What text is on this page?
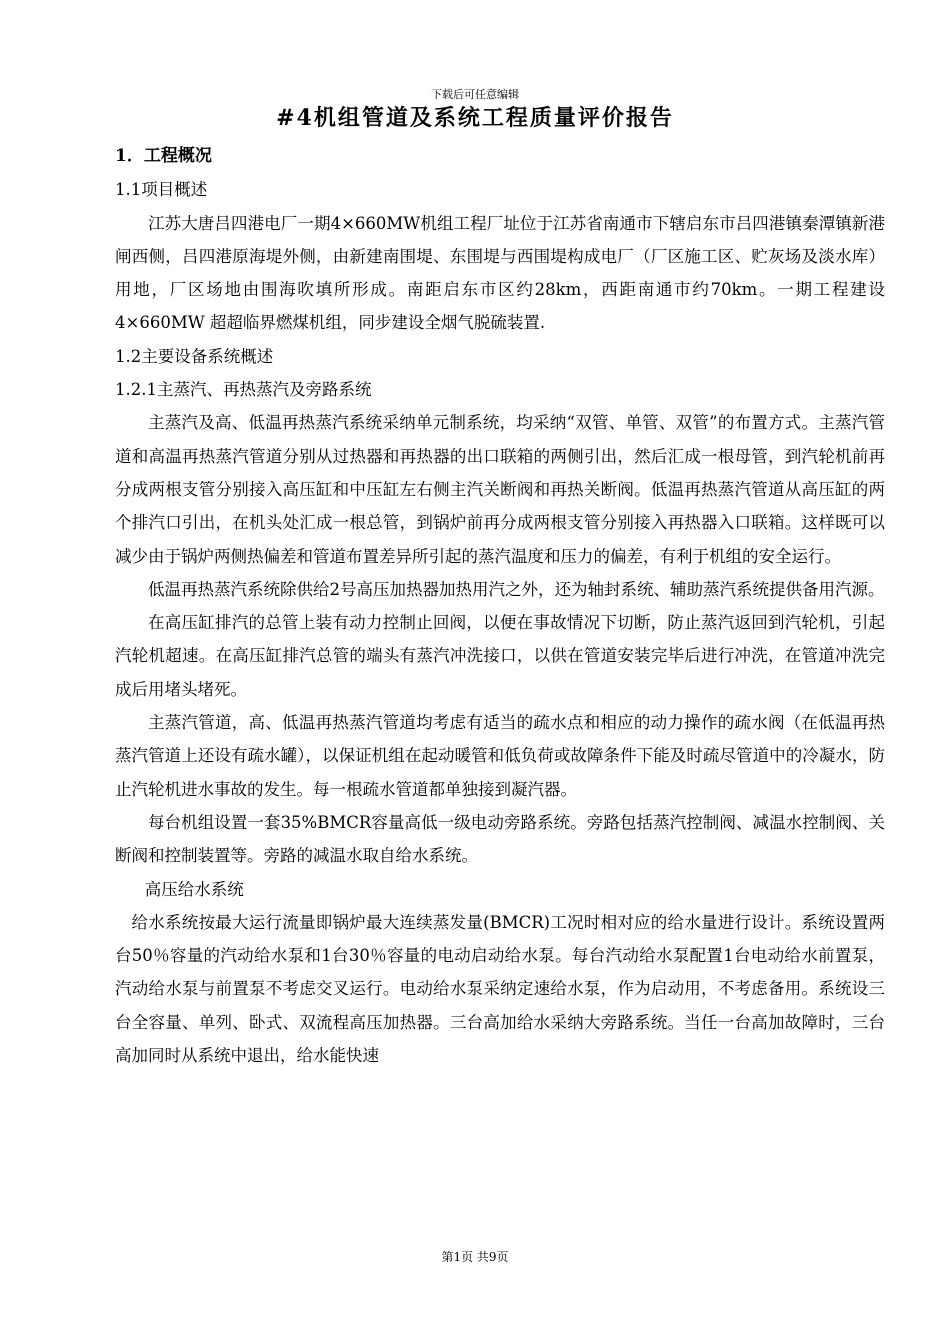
下载后可任意编辑
#4机组管道及系统工程质量评价报告

1．工程概况

1.1项目概述

江苏大唐吕四港电厂一期4×660MW机组工程厂址位于江苏省南通市下辖启东市吕四港镇秦潭镇新港闸西侧，吕四港原海堤外侧，由新建南围堤、东围堤与西围堤构成电厂（厂区施工区、贮灰场及淡水库）用地，厂区场地由围海吹填所形成。南距启东市区约28km，西距南通市约70km。一期工程建设4×660MW 超超临界燃煤机组，同步建设全烟气脱硫装置.

1.2主要设备系统概述

1.2.1主蒸汽、再热蒸汽及旁路系统

主蒸汽及高、低温再热蒸汽系统采纳单元制系统，均采纳“双管、单管、双管”的布置方式。主蒸汽管道和高温再热蒸汽管道分别从过热器和再热器的出口联箱的两侧引出，然后汇成一根母管，到汽轮机前再分成两根支管分别接入高压缸和中压缸左右侧主汽关断阀和再热关断阀。低温再热蒸汽管道从高压缸的两个排汽口引出，在机头处汇成一根总管，到锅炉前再分成两根支管分别接入再热器入口联箱。这样既可以减少由于锅炉两侧热偏差和管道布置差异所引起的蒸汽温度和压力的偏差，有利于机组的安全运行。

低温再热蒸汽系统除供给2号高压加热器加热用汽之外，还为轴封系统、辅助蒸汽系统提供备用汽源。

在高压缸排汽的总管上装有动力控制止回阀，以便在事故情况下切断，防止蒸汽返回到汽轮机，引起汽轮机超速。在高压缸排汽总管的端头有蒸汽冲洗接口，以供在管道安装完毕后进行冲洗，在管道冲洗完成后用堵头堵死。

主蒸汽管道，高、低温再热蒸汽管道均考虑有适当的疏水点和相应的动力操作的疏水阀（在低温再热蒸汽管道上还设有疏水罐），以保证机组在起动暖管和低负荷或故障条件下能及时疏尽管道中的冷凝水，防止汽轮机进水事故的发生。每一根疏水管道都单独接到凝汽器。

每台机组设置一套35%BMCR容量高低一级电动旁路系统。旁路包括蒸汽控制阀、减温水控制阀、关断阀和控制装置等。旁路的减温水取自给水系统。

高压给水系统

给水系统按最大运行流量即锅炉最大连续蒸发量(BMCR)工况时相对应的给水量进行设计。系统设置两台50％容量的汽动给水泵和1台30％容量的电动启动给水泵。每台汽动给水泵配置1台电动给水前置泵，汽动给水泵与前置泵不考虑交叉运行。电动给水泵采纳定速给水泵，作为启动用，不考虑备用。系统设三台全容量、单列、卧式、双流程高压加热器。三台高加给水采纳大旁路系统。当任一台高加故障时，三台高加同时从系统中退出，给水能快速

第1页 共9页
